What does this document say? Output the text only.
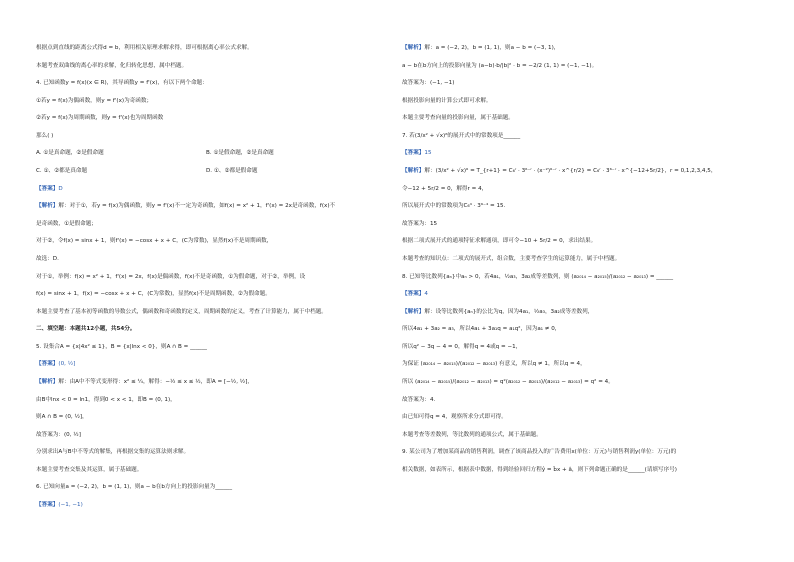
根据点到直线的距离公式得d = b，利用相关原理求解求得，即可根据离心率公式求解。
本题考查双曲线的离心率的求解，化归转化思想，属中档题。
4. 已知函数y = f(x)(x ∈ R)，其导函数y = f'(x)，有以下两个命题：
①若y = f(x)为偶函数，则y = f'(x)为奇函数；
②若y = f(x)为周期函数，则y = f'(x)也为周期函数
那么( )
A. ①是真命题，②是假命题	B. ①是假命题，②是真命题
C. ①、②都是真命题	D. ①、②都是假命题
【答案】D
【解析】解：对于①，若y = f(x)为偶函数，则y = f'(x)不一定为奇函数，如f(x) = x² + 1，f'(x) = 2x是奇函数，f(x)不
是奇函数，①是假命题；
对于②，令f(x) = sinx + 1，则f'(x) = −cosx + x + C，(C为常数)，显然f(x)不是周期函数，
故选：D.
对于①，举例：f(x) = x² + 1，f'(x) = 2x，f(x)是偶函数，f(x)不是奇函数，①为假命题，对于②，举例，设
f(x) = sinx + 1，f(x) = −cosx + x + C，(C为常数)，显然f(x)不是周期函数，②为假命题。
本题主要考查了基本初等函数的导数公式，偶函数和奇函数的定义，周期函数的定义，考查了计算能力，属于中档题。
二、填空题：本题共12小题，共54分。
5. 设集合A = {x|4x² ≤ 1}，B = {x|lnx < 0}，则A ∩ B = ______
【答案】(0, ½]
【解析】解：由A中不等式变形得：x² ≤ ¼，解得：−½ ≤ x ≤ ½，即A = [−½, ½]，
由B中lnx < 0 = ln1，得到0 < x < 1，即B = (0, 1)，
则A ∩ B = (0, ½]，
故答案为：(0, ½]
分别求出A与B中不等式的解集，再根据交集的运算法则求解。
本题主要考查交集及其运算，属于基础题。
6. 已知向量a = (−2, 2)，b = (1, 1)，则a − b在b方向上的投影向量为______
【答案】(−1, −1)
【解析】解：a = (−2, 2)，b = (1, 1)，则a − b = (−3, 1)，
a − b在b方向上的投影向量为 (a−b)·b/|b|² · b = −2/2 (1, 1) = (−1, −1)。
故答案为：(−1, −1)
根据投影向量的计算公式即可求解。
本题主要考查向量的投影向量，属于基础题。
7. 若(3/x² + √x)⁶的展开式中的常数项是______
【答案】15
【解析】解：(3/x² + √x)⁶ = T_{r+1} = C₆ʳ · 3⁶⁻ʳ · (x⁻²)⁶⁻ʳ · x^{r/2} = C₆ʳ · 3⁶⁻ʳ · x^{−12+5r/2}，r = 0,1,2,3,4,5，
令−12 + 5r/2 = 0，解得r = 4，
所以展开式中的常数项为C₆⁴ · 3⁶⁻⁴ = 15.
故答案为：15
根据二项式展开式的通项特征求解通项，即可令−10 + 5r/2 = 0，求出结果。
本题考查的知识点：二项式的展开式，组合数，主要考查学生的运算能力，属于中档题。
8. 已知等比数列{aₙ}中aₙ > 0，若4a₁，½a₃，3a₂成等差数列，则 (a₂₀₁₄ − a₂₀₁₅)/(a₂₀₁₂ − a₂₀₁₃) = ______
【答案】4
【解析】解：设等比数列{aₙ}的公比为q，因为4a₁，½a₃，3a₂成等差数列，
所以4a₁ + 3a₂ = a₃，所以4a₁ + 3a₁q = a₁q²，因为a₁ ≠ 0，
所以q² − 3q − 4 = 0，解得q = 4或q = −1，
为保证 (a₂₀₁₄ − a₂₀₁₅)/(a₂₀₁₂ − a₂₀₁₃) 有意义，所以q ≠ 1，所以q = 4，
所以 (a₂₀₁₄ − a₂₀₁₅)/(a₂₀₁₂ − a₂₀₁₃) = q²(a₂₀₁₂ − a₂₀₁₃)/(a₂₀₁₂ − a₂₀₁₃) = q² = 4。
故答案为：4.
由已知可得q = 4，观察所求分式即可得。
本题考查等差数列，等比数列的通项公式，属于基础题。
9. 某公司为了增加某商品的销售利润，调查了该商品投入的广告费用x(单位：万元)与销售利润y(单位：万元)的
相关数据，如表所示，根据表中数据，得到经验回归方程ŷ = b̂x + â，则下列命题正确的是______(请填写序号)
